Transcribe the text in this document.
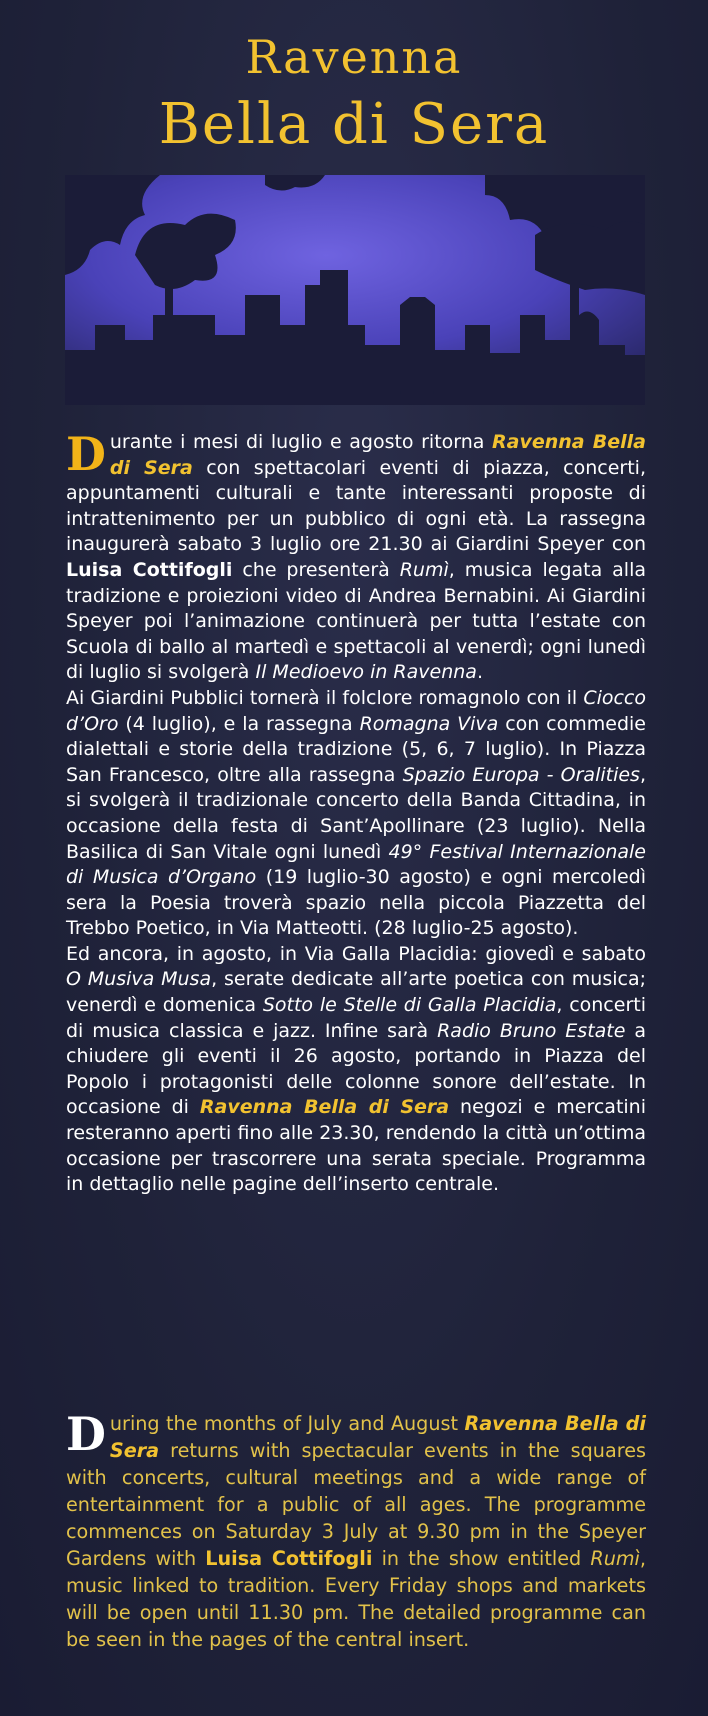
Ravenna
Bella di Sera

Durante i mesi di luglio e agosto ritorna Ravenna Bella di Sera con spettacolari eventi di piazza, concerti, appuntamenti culturali e tante interessanti proposte di intrattenimento per un pubblico di ogni età. La rassegna inaugurerà sabato 3 luglio ore 21.30 ai Giardini Speyer con Luisa Cottifogli che presenterà Rumì, musica legata alla tradizione e proiezioni video di Andrea Bernabini. Ai Giardini Speyer poi l’animazione continuerà per tutta l’estate con Scuola di ballo al martedì e spettacoli al venerdì; ogni lunedì di luglio si svolgerà Il Medioevo in Ravenna.

Ai Giardini Pubblici tornerà il folclore romagnolo con il Ciocco d’Oro (4 luglio), e la rassegna Romagna Viva con commedie dialettali e storie della tradizione (5, 6, 7 luglio). In Piazza San Francesco, oltre alla rassegna Spazio Europa - Oralities, si svolgerà il tradizionale concerto della Banda Cittadina, in occasione della festa di Sant’Apollinare (23 luglio). Nella Basilica di San Vitale ogni lunedì 49° Festival Internazionale di Musica d’Organo (19 luglio-30 agosto) e ogni mercoledì sera la Poesia troverà spazio nella piccola Piazzetta del Trebbo Poetico, in Via Matteotti. (28 luglio-25 agosto).

Ed ancora, in agosto, in Via Galla Placidia: giovedì e sabato O Musiva Musa, serate dedicate all’arte poetica con musica; venerdì e domenica Sotto le Stelle di Galla Placidia, concerti di musica classica e jazz. Infine sarà Radio Bruno Estate a chiudere gli eventi il 26 agosto, portando in Piazza del Popolo i protagonisti delle colonne sonore dell’estate. In occasione di Ravenna Bella di Sera negozi e mercatini resteranno aperti fino alle 23.30, rendendo la città un’ottima occasione per trascorrere una serata speciale. Programma in dettaglio nelle pagine dell’inserto centrale.

During the months of July and August Ravenna Bella di Sera returns with spectacular events in the squares with concerts, cultural meetings and a wide range of entertainment for a public of all ages. The programme commences on Saturday 3 July at 9.30 pm in the Speyer Gardens with Luisa Cottifogli in the show entitled Rumì, music linked to tradition. Every Friday shops and markets will be open until 11.30 pm. The detailed programme can be seen in the pages of the central insert.
